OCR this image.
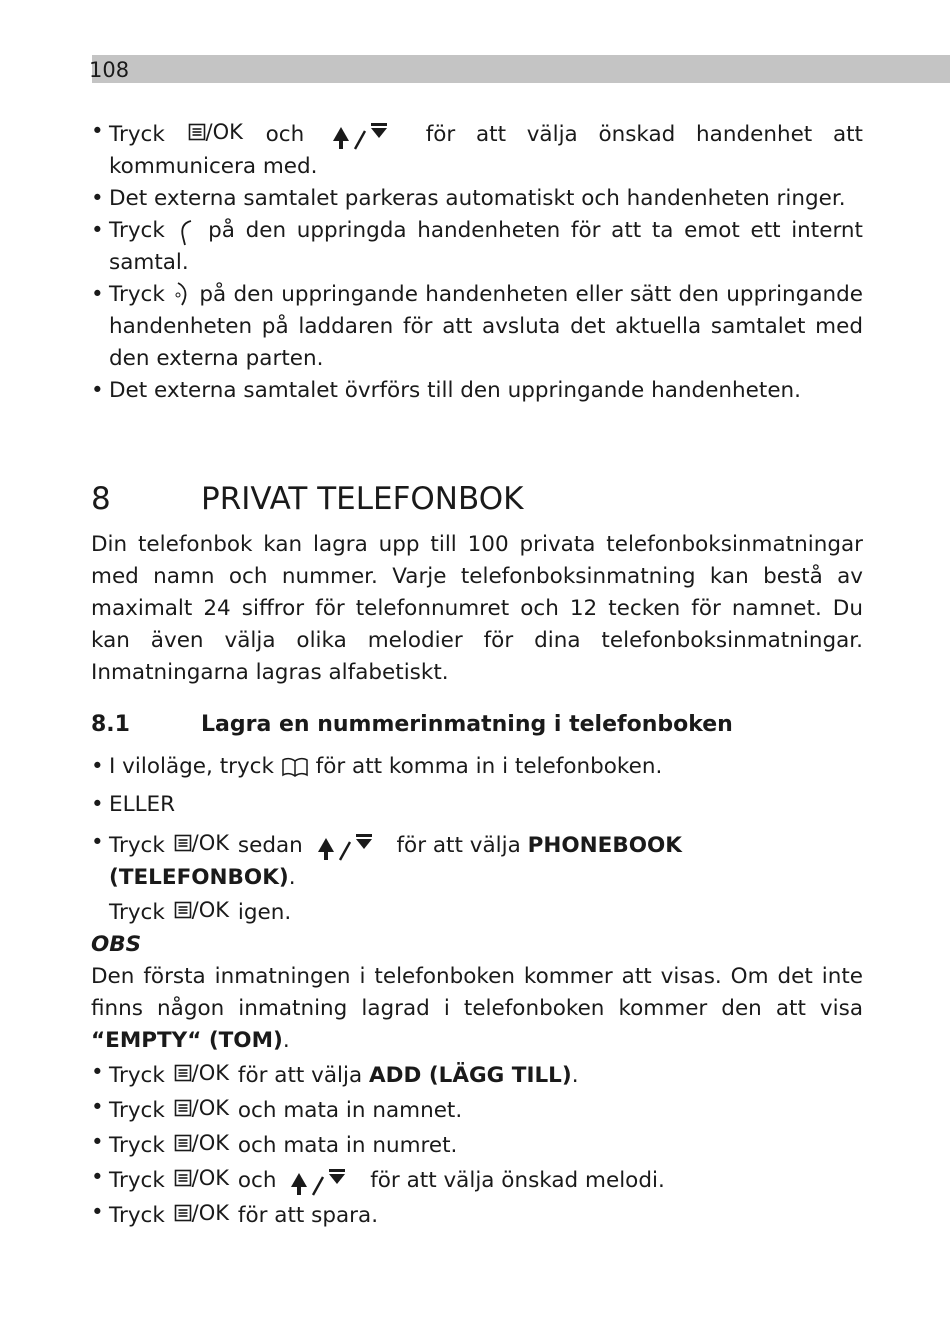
108
• Tryck /OK och	för att välja önskad handenhet att kommunicera med.
• Det externa samtalet parkeras automatiskt och handenheten ringer.
• Tryck på den uppringda handenheten för att ta emot ett internt samtal.
• Tryck på den uppringande handenheten eller sätt den uppringande handenheten på laddaren för att avsluta det aktuella samtalet med den externa parten.
• Det externa samtalet övrförs till den uppringande handenheten.
8	PRIVAT TELEFONBOK

Din telefonbok kan lagra upp till 100 privata telefonboksinmatningar med namn och nummer. Varje telefonboksinmatning kan bestå av maximalt 24 siffror för telefonnumret och 12 tecken för namnet. Du kan även välja olika melodier för dina telefonboksinmatningar. Inmatningarna lagras alfabetiskt.

8.1	Lagra en nummerinmatning i telefonboken
• I viloläge, tryck för att komma in i telefonboken.
• ELLER
• Tryck /OK sedan	för att välja PHONEBOOK (TELEFONBOK).
Tryck /OK igen.
OBS

Den första inmatningen i telefonboken kommer att visas. Om det inte finns någon inmatning lagrad i telefonboken kommer den att visa “EMPTY“ (TOM).

• Tryck /OK för att välja ADD (LÄGG TILL).
• Tryck /OK och mata in namnet.
• Tryck /OK och mata in numret.
• Tryck /OK och	för att välja önskad melodi.
• Tryck /OK för att spara.
